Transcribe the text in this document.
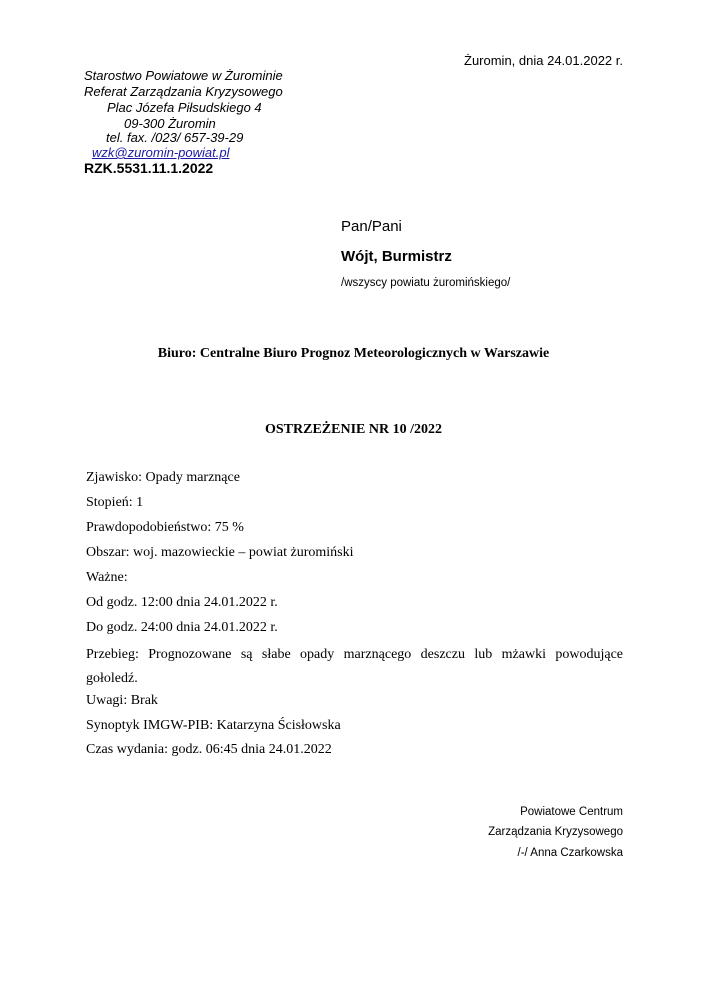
Żuromin, dnia 24.01.2022 r.
Starostwo Powiatowe w Żurominie
Referat Zarządzania Kryzysowego
Plac Józefa Piłsudskiego 4
09-300 Żuromin
tel. fax. /023/ 657-39-29
wzk@zuromin-powiat.pl
RZK.5531.11.1.2022
Pan/Pani
Wójt, Burmistrz
/wszyscy powiatu żuromińskiego/
Biuro: Centralne Biuro Prognoz Meteorologicznych w Warszawie
OSTRZEŻENIE NR 10 /2022
Zjawisko: Opady marznące
Stopień: 1
Prawdopodobieństwo: 75 %
Obszar: woj. mazowieckie – powiat żuromiński
Ważne:
Od godz. 12:00 dnia 24.01.2022 r.
Do godz. 24:00 dnia 24.01.2022 r.
Przebieg: Prognozowane są słabe opady marznącego deszczu lub mżawki powodujące gołoledź.
Uwagi: Brak
Synoptyk IMGW-PIB: Katarzyna Ścisłowska
Czas wydania: godz. 06:45 dnia 24.01.2022
Powiatowe Centrum
Zarządzania Kryzysowego
/-/ Anna Czarkowska
